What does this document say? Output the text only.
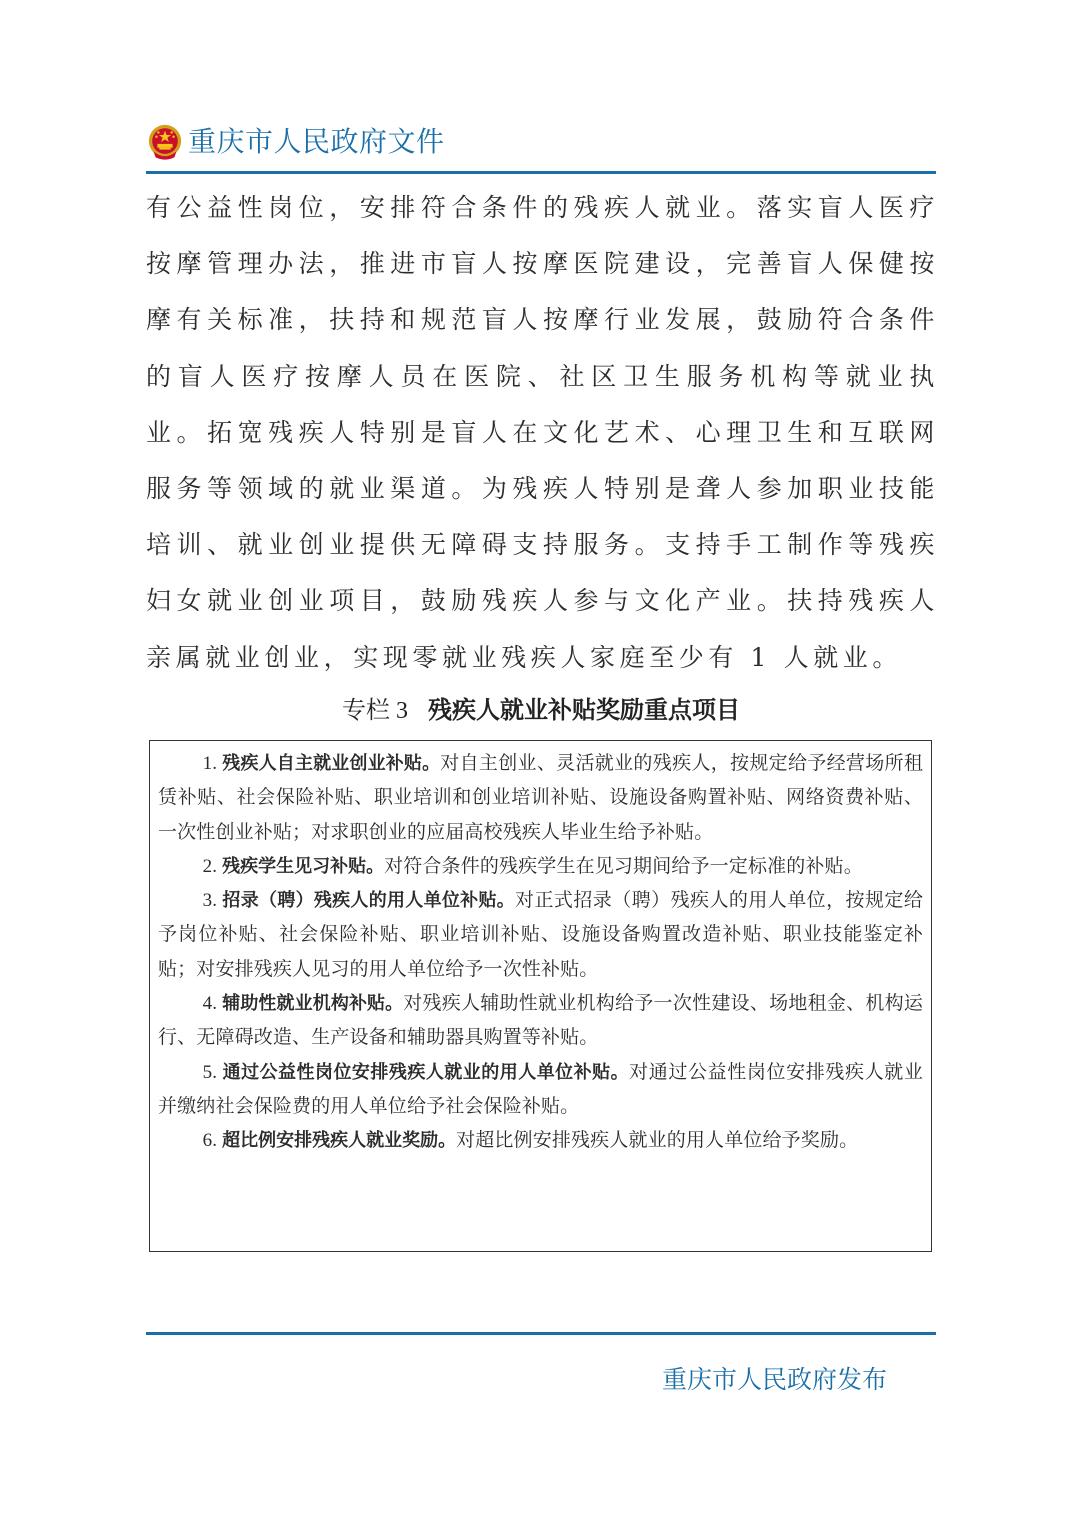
重庆市人民政府文件

有公益性岗位，安排符合条件的残疾人就业。落实盲人医疗按摩管理办法，推进市盲人按摩医院建设，完善盲人保健按摩有关标准，扶持和规范盲人按摩行业发展，鼓励符合条件的盲人医疗按摩人员在医院、社区卫生服务机构等就业执业。拓宽残疾人特别是盲人在文化艺术、心理卫生和互联网服务等领域的就业渠道。为残疾人特别是聋人参加职业技能培训、就业创业提供无障碍支持服务。支持手工制作等残疾妇女就业创业项目，鼓励残疾人参与文化产业。扶持残疾人亲属就业创业，实现零就业残疾人家庭至少有 1 人就业。

专栏 3 残疾人就业补贴奖励重点项目

1. 残疾人自主就业创业补贴。对自主创业、灵活就业的残疾人，按规定给予经营场所租赁补贴、社会保险补贴、职业培训和创业培训补贴、设施设备购置补贴、网络资费补贴、一次性创业补贴；对求职创业的应届高校残疾人毕业生给予补贴。

2. 残疾学生见习补贴。对符合条件的残疾学生在见习期间给予一定标准的补贴。

3. 招录（聘）残疾人的用人单位补贴。对正式招录（聘）残疾人的用人单位，按规定给予岗位补贴、社会保险补贴、职业培训补贴、设施设备购置改造补贴、职业技能鉴定补贴；对安排残疾人见习的用人单位给予一次性补贴。

4. 辅助性就业机构补贴。对残疾人辅助性就业机构给予一次性建设、场地租金、机构运行、无障碍改造、生产设备和辅助器具购置等补贴。

5. 通过公益性岗位安排残疾人就业的用人单位补贴。对通过公益性岗位安排残疾人就业并缴纳社会保险费的用人单位给予社会保险补贴。

6. 超比例安排残疾人就业奖励。对超比例安排残疾人就业的用人单位给予奖励。

重庆市人民政府发布
